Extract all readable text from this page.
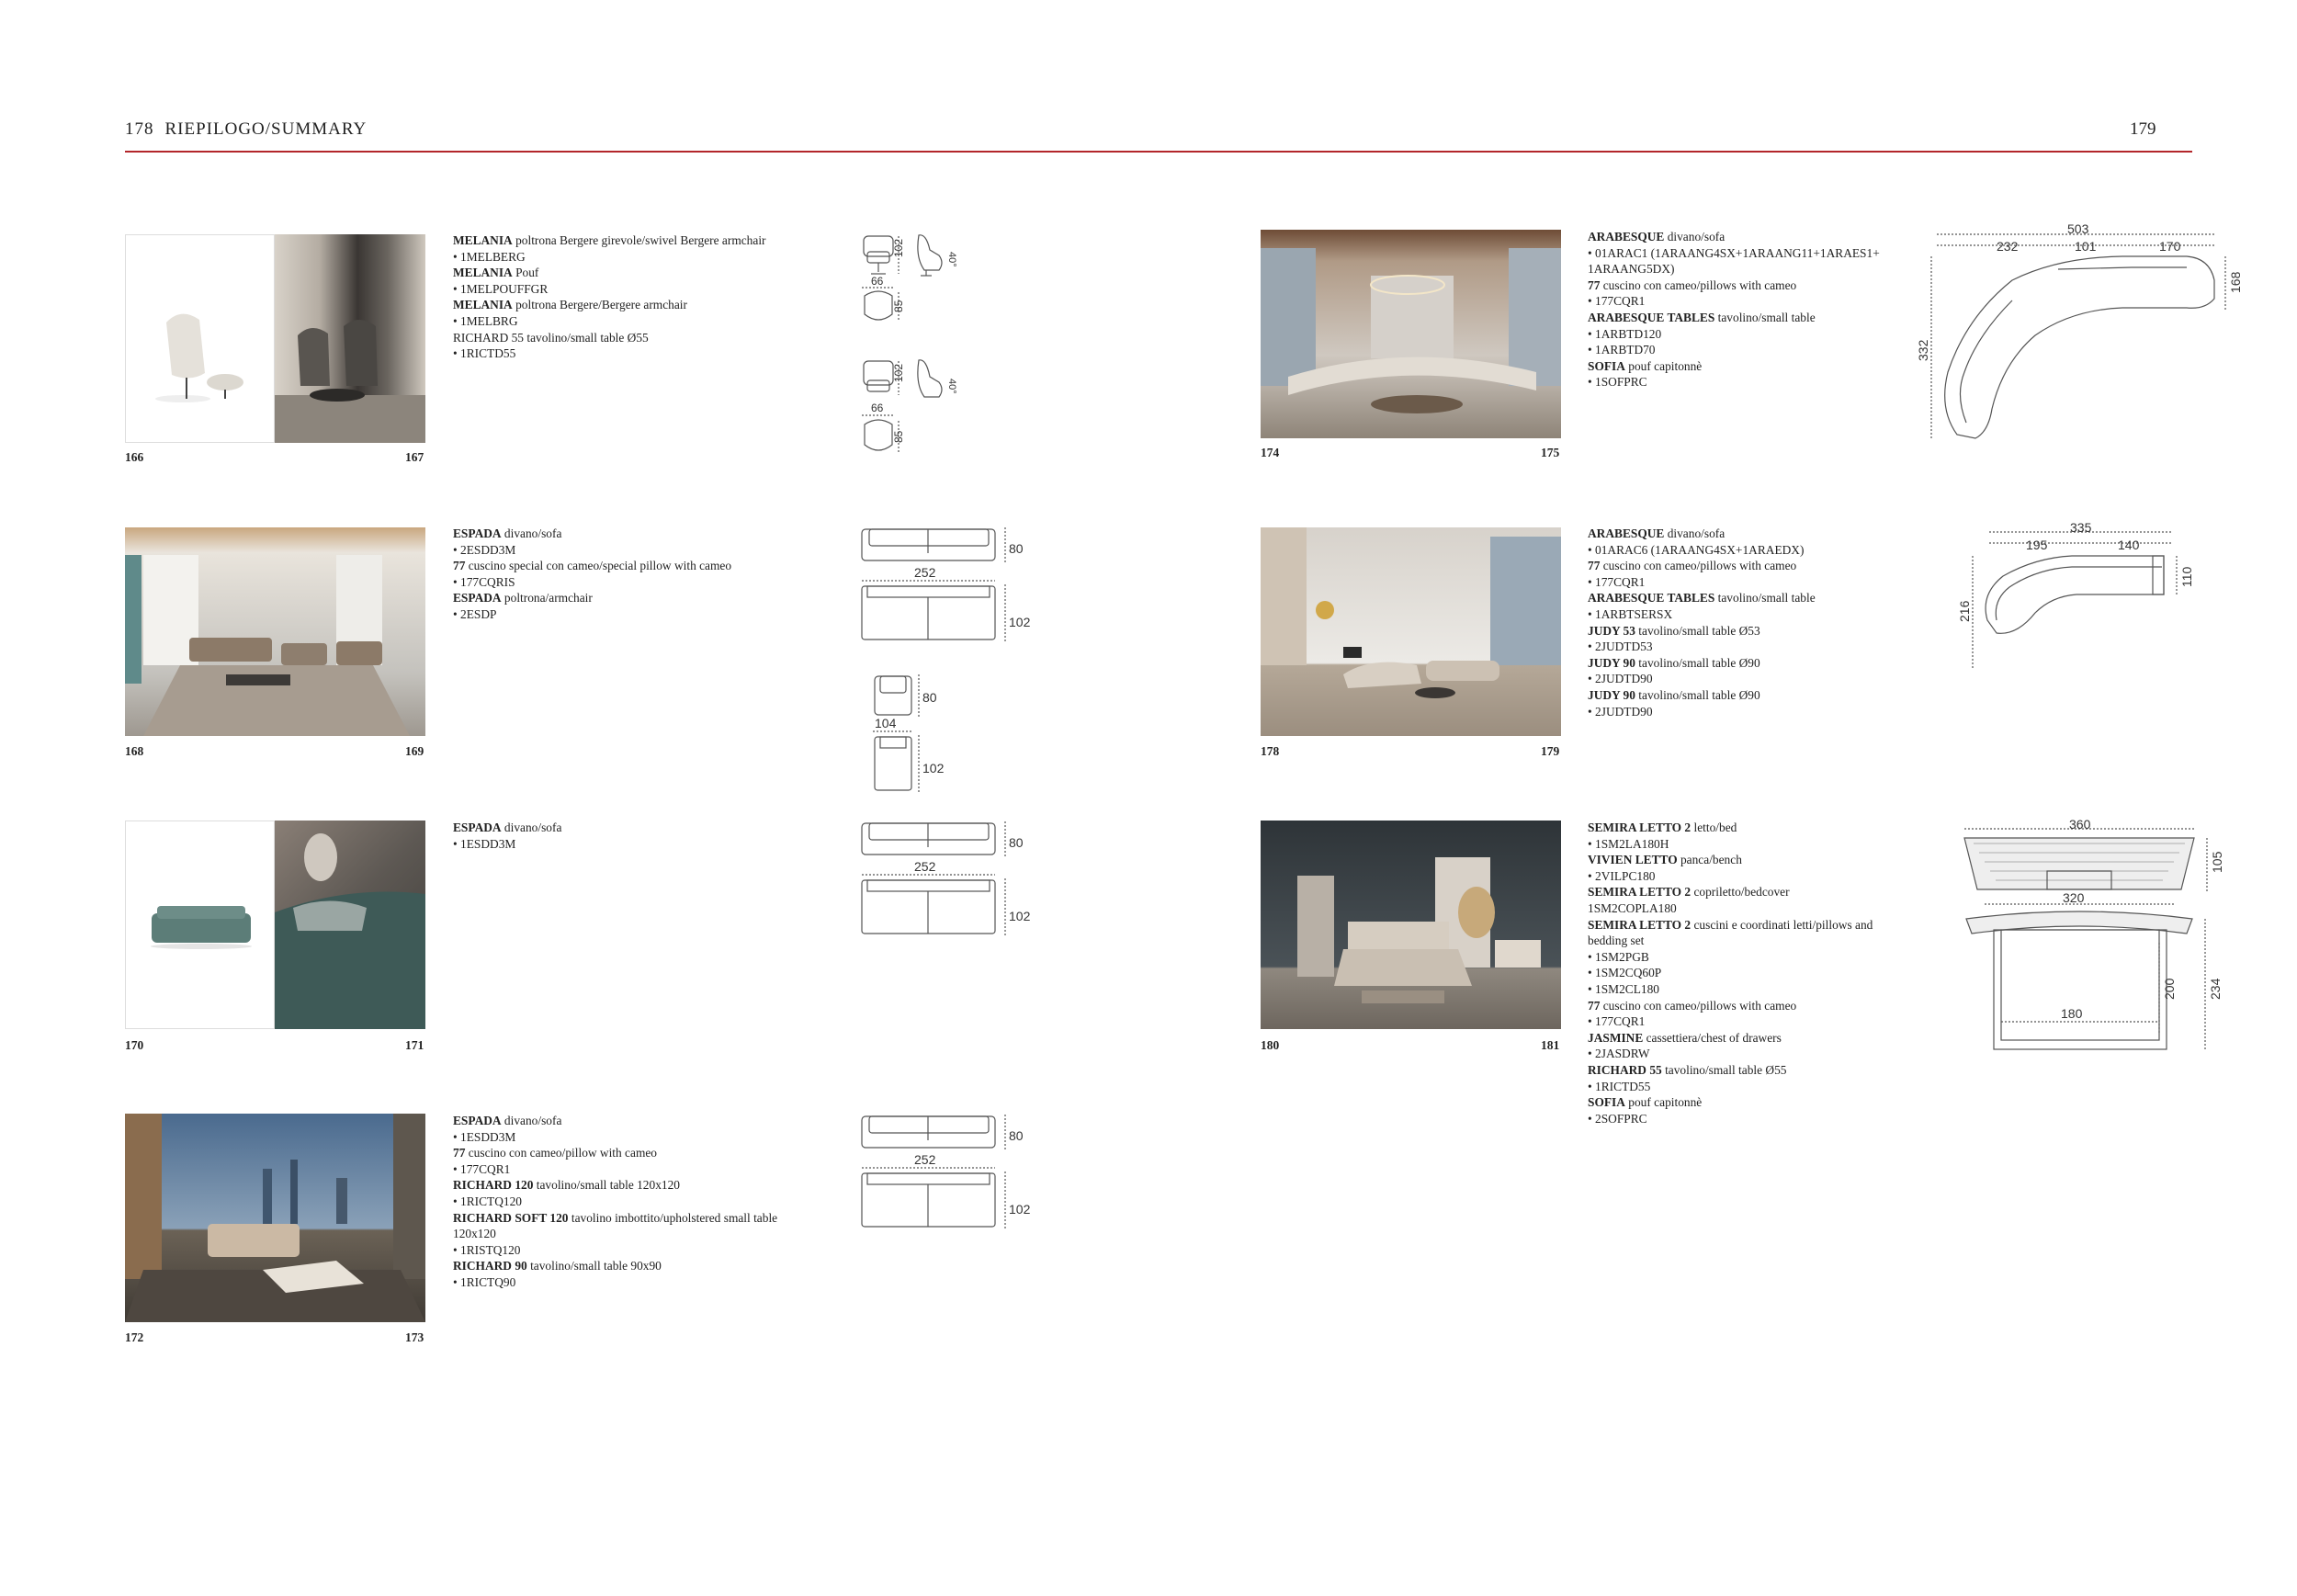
178 RIEPILOGO/SUMMARY	179
166	167
MELANIA poltrona Bergere girevole/swivel Bergere armchair
• 1MELBERG
MELANIA Pouf
• 1MELPOUFFGR
MELANIA poltrona Bergere/Bergere armchair
• 1MELBRG
RICHARD 55 tavolino/small table Ø55
• 1RICTD55
102
40°
66
85
102
40°
66
85
168	169
ESPADA divano/sofa
• 2ESDD3M
77 cuscino special con cameo/special pillow with cameo
• 177CQRIS
ESPADA poltrona/armchair
• 2ESDP
80
252
102
80
104
102
170	171
ESPADA divano/sofa
• 1ESDD3M	80
252
102
172	173
ESPADA divano/sofa
• 1ESDD3M
77 cuscino con cameo/pillow with cameo
• 177CQR1
RICHARD 120 tavolino/small table 120x120
• 1RICTQ120
RICHARD SOFT 120 tavolino imbottito/upholstered small table
120x120
• 1RISTQ120
RICHARD 90 tavolino/small table 90x90
• 1RICTQ90
80
252
102
174	175
ARABESQUE divano/sofa
• 01ARAC1 (1ARAANG4SX+1ARAANG11+1ARAES1+
1ARAANG5DX)
77 cuscino con cameo/pillows with cameo
• 177CQR1
ARABESQUE TABLES tavolino/small table
• 1ARBTD120
• 1ARBTD70
SOFIA pouf capitonnè
• 1SOFPRC
503
232	101	170
168
332
178	179
ARABESQUE divano/sofa
• 01ARAC6 (1ARAANG4SX+1ARAEDX)
77 cuscino con cameo/pillows with cameo
• 177CQR1
ARABESQUE TABLES tavolino/small table
• 1ARBTSERSX
JUDY 53 tavolino/small table Ø53
• 2JUDTD53
JUDY 90 tavolino/small table Ø90
• 2JUDTD90
JUDY 90 tavolino/small table Ø90
• 2JUDTD90
335
195	140
110
216
180	181
SEMIRA LETTO 2 letto/bed
• 1SM2LA180H
VIVIEN LETTO panca/bench
• 2VILPC180
SEMIRA LETTO 2 copriletto/bedcover
1SM2COPLA180
SEMIRA LETTO 2 cuscini e coordinati letti/pillows and
bedding set
• 1SM2PGB
• 1SM2CQ60P
• 1SM2CL180
77 cuscino con cameo/pillows with cameo
• 177CQR1
JASMINE cassettiera/chest of drawers
• 2JASDRW
RICHARD 55 tavolino/small table Ø55
• 1RICTD55
SOFIA pouf capitonnè
• 2SOFPRC
360
105
320
200
180
234
